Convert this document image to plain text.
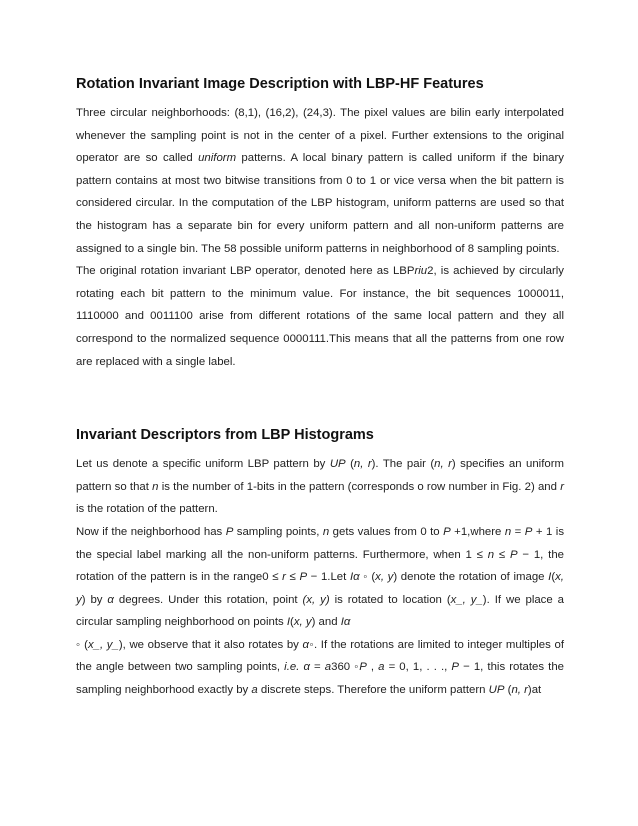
Rotation Invariant Image Description with LBP-HF Features

Three circular neighborhoods: (8,1), (16,2), (24,3). The pixel values are bilin early interpolated whenever the sampling point is not in the center of a pixel. Further extensions to the original operator are so called uniform patterns. A local binary pattern is called uniform if the binary pattern contains at most two bitwise transitions from 0 to 1 or vice versa when the bit pattern is considered circular. In the computation of the LBP histogram, uniform patterns are used so that the histogram has a separate bin for every uniform pattern and all non-uniform patterns are assigned to a single bin. The 58 possible uniform patterns in neighborhood of 8 sampling points.

The original rotation invariant LBP operator, denoted here as LBPriu2, is achieved by circularly rotating each bit pattern to the minimum value. For instance, the bit sequences 1000011, 1110000 and 0011100 arise from different rotations of the same local pattern and they all correspond to the normalized sequence 0000111.This means that all the patterns from one row are replaced with a single label.

Invariant Descriptors from LBP Histograms

Let us denote a specific uniform LBP pattern by UP (n, r). The pair (n, r) specifies an uniform pattern so that n is the number of 1-bits in the pattern (corresponds o row number in Fig. 2) and r is the rotation of the pattern.

Now if the neighborhood has P sampling points, n gets values from 0 to P +1,where n = P + 1 is the special label marking all the non-uniform patterns. Furthermore, when 1 ≤ n ≤ P − 1, the rotation of the pattern is in the range0 ≤ r ≤ P − 1.Let Iα ◦ (x, y) denote the rotation of image I(x, y) by α degrees. Under this rotation, point (x, y) is rotated to location (x_, y_). If we place a circular sampling neighborhood on points I(x, y) and Iα

◦ (x_, y_), we observe that it also rotates by α◦. If the rotations are limited to integer multiples of the angle between two sampling points, i.e. α = a360 ◦P , a = 0, 1, . . ., P − 1, this rotates the sampling neighborhood exactly by a discrete steps. Therefore the uniform pattern UP (n, r)at
